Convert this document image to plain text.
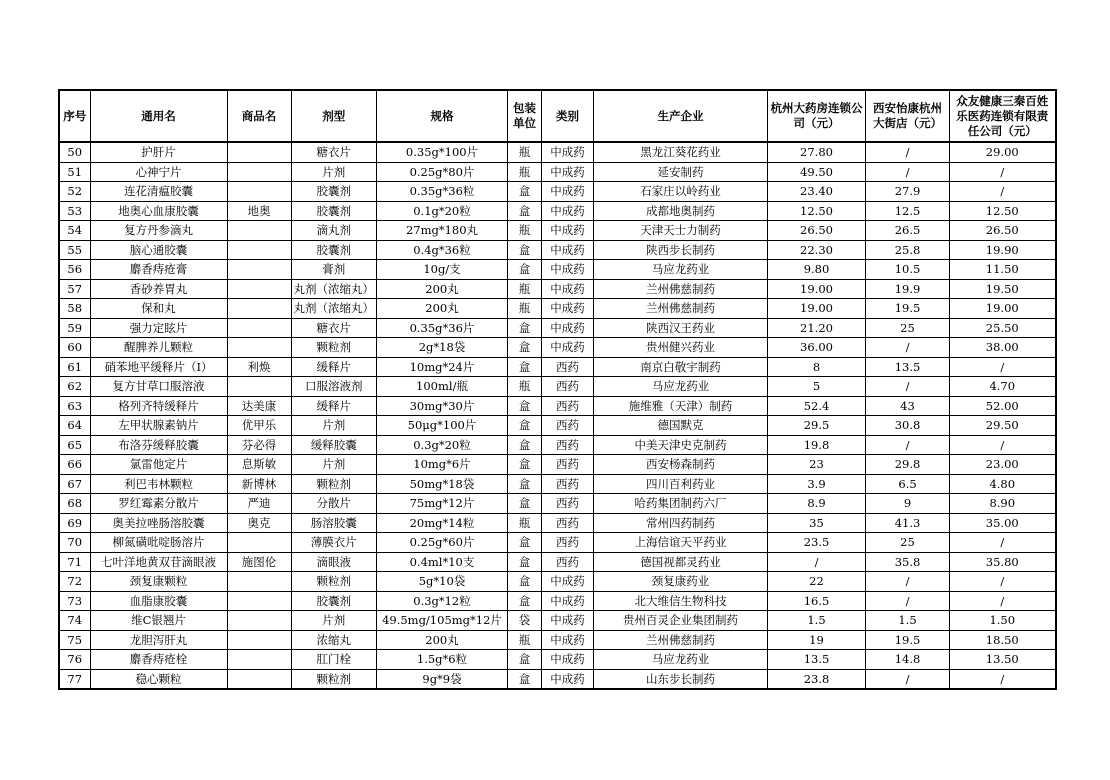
序号	通用名	商品名	剂型	规格	包装单位	类别	生产企业	杭州大药房连锁公司（元）	西安怡康杭州大街店（元）	众友健康三秦百姓乐医药连锁有限责任公司（元）
50	护肝片		糖衣片	0.35g*100片	瓶	中成药	黑龙江葵花药业	27.80	/	29.00
51	心神宁片		片剂	0.25g*80片	瓶	中成药	延安制药	49.50	/	/
52	连花清瘟胶囊		胶囊剂	0.35g*36粒	盒	中成药	石家庄以岭药业	23.40	27.9	/
53	地奥心血康胶囊	地奥	胶囊剂	0.1g*20粒	盒	中成药	成都地奥制药	12.50	12.5	12.50
54	复方丹参滴丸		滴丸剂	27mg*180丸	瓶	中成药	天津天士力制药	26.50	26.5	26.50
55	脑心通胶囊		胶囊剂	0.4g*36粒	盒	中成药	陕西步长制药	22.30	25.8	19.90
56	麝香痔疮膏		膏剂	10g/支	盒	中成药	马应龙药业	9.80	10.5	11.50
57	香砂养胃丸		丸剂（浓缩丸）	200丸	瓶	中成药	兰州佛慈制药	19.00	19.9	19.50
58	保和丸		丸剂（浓缩丸）	200丸	瓶	中成药	兰州佛慈制药	19.00	19.5	19.00
59	强力定眩片		糖衣片	0.35g*36片	盒	中成药	陕西汉王药业	21.20	25	25.50
60	醒脾养儿颗粒		颗粒剂	2g*18袋	盒	中成药	贵州健兴药业	36.00	/	38.00
61	硝苯地平缓释片（Ⅰ）	利焕	缓释片	10mg*24片	盒	西药	南京白敬宇制药	8	13.5	/
62	复方甘草口服溶液		口服溶液剂	100ml/瓶	瓶	西药	马应龙药业	5	/	4.70
63	格列齐特缓释片	达美康	缓释片	30mg*30片	盒	西药	施维雅（天津）制药	52.4	43	52.00
64	左甲状腺素钠片	优甲乐	片剂	50μg*100片	盒	西药	德国默克	29.5	30.8	29.50
65	布洛芬缓释胶囊	芬必得	缓释胶囊	0.3g*20粒	盒	西药	中美天津史克制药	19.8	/	/
66	氯雷他定片	息斯敏	片剂	10mg*6片	盒	西药	西安杨森制药	23	29.8	23.00
67	利巴韦林颗粒	新博林	颗粒剂	50mg*18袋	盒	西药	四川百利药业	3.9	6.5	4.80
68	罗红霉素分散片	严迪	分散片	75mg*12片	盒	西药	哈药集团制药六厂	8.9	9	8.90
69	奥美拉唑肠溶胶囊	奥克	肠溶胶囊	20mg*14粒	瓶	西药	常州四药制药	35	41.3	35.00
70	柳氮磺吡啶肠溶片		薄膜衣片	0.25g*60片	盒	西药	上海信谊天平药业	23.5	25	/
71	七叶洋地黄双苷滴眼液	施图伦	滴眼液	0.4ml*10支	盒	西药	德国视都灵药业	/	35.8	35.80
72	颈复康颗粒		颗粒剂	5g*10袋	盒	中成药	颈复康药业	22	/	/
73	血脂康胶囊		胶囊剂	0.3g*12粒	盒	中成药	北大维信生物科技	16.5	/	/
74	维C银翘片		片剂	49.5mg/105mg*12片	袋	中成药	贵州百灵企业集团制药	1.5	1.5	1.50
75	龙胆泻肝丸		浓缩丸	200丸	瓶	中成药	兰州佛慈制药	19	19.5	18.50
76	麝香痔疮栓		肛门栓	1.5g*6粒	盒	中成药	马应龙药业	13.5	14.8	13.50
77	稳心颗粒		颗粒剂	9g*9袋	盒	中成药	山东步长制药	23.8	/	/
